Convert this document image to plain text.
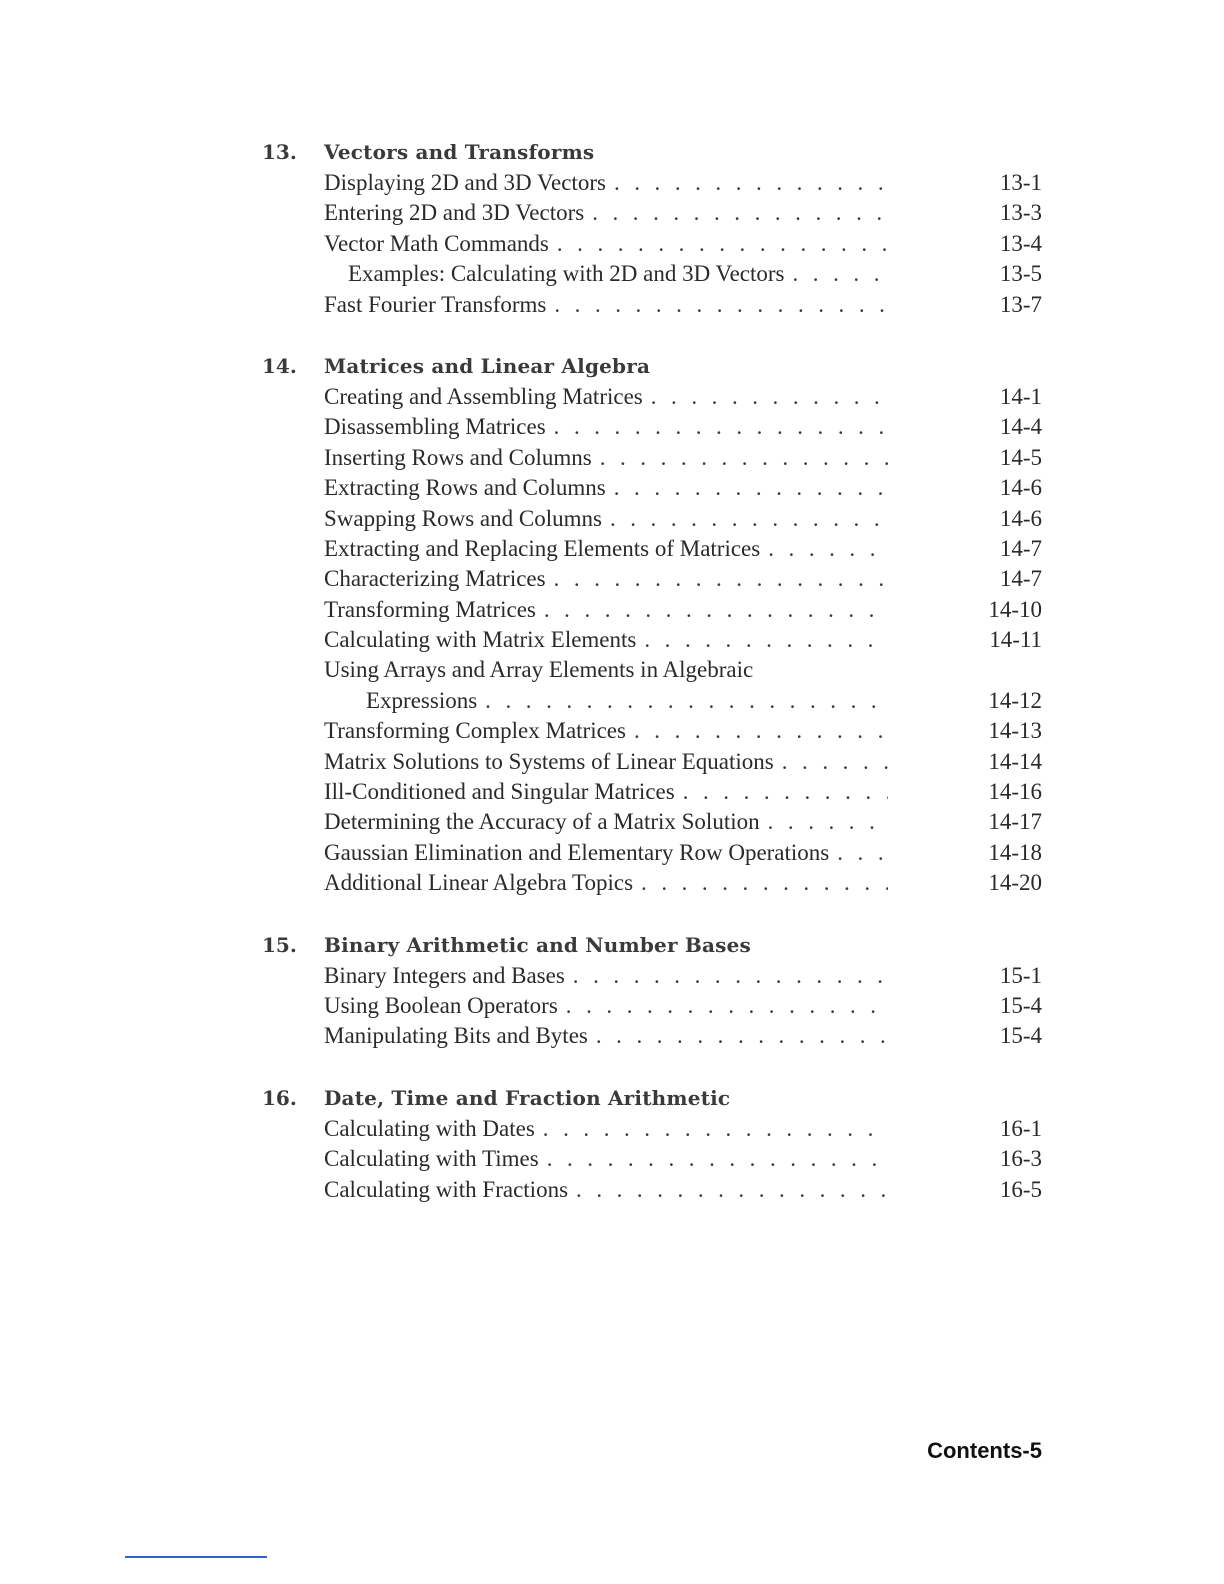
13.	Vectors and Transforms
Displaying 2D and 3D Vectors . . .	13-1
Entering 2D and 3D Vectors . . .	13-3
Vector Math Commands . . .	13-4
Examples: Calculating with 2D and 3D Vectors . . .	13-5
Fast Fourier Transforms . . .	13-7
14.	Matrices and Linear Algebra
Creating and Assembling Matrices . . .	14-1
Disassembling Matrices . . .	14-4
Inserting Rows and Columns . . .	14-5
Extracting Rows and Columns . . .	14-6
Swapping Rows and Columns . . .	14-6
Extracting and Replacing Elements of Matrices . . .	14-7
Characterizing Matrices . . .	14-7
Transforming Matrices . . .	14-10
Calculating with Matrix Elements . . .	14-11
Using Arrays and Array Elements in Algebraic
Expressions . . .	14-12
Transforming Complex Matrices . . .	14-13
Matrix Solutions to Systems of Linear Equations . . .	14-14
Ill-Conditioned and Singular Matrices . . .	14-16
Determining the Accuracy of a Matrix Solution . . .	14-17
Gaussian Elimination and Elementary Row Operations . . .	14-18
Additional Linear Algebra Topics . . .	14-20
15.	Binary Arithmetic and Number Bases
Binary Integers and Bases . . .	15-1
Using Boolean Operators . . .	15-4
Manipulating Bits and Bytes . . .	15-4
16.	Date, Time and Fraction Arithmetic
Calculating with Dates . . .	16-1
Calculating with Times . . .	16-3
Calculating with Fractions . . .	16-5
Contents-5
